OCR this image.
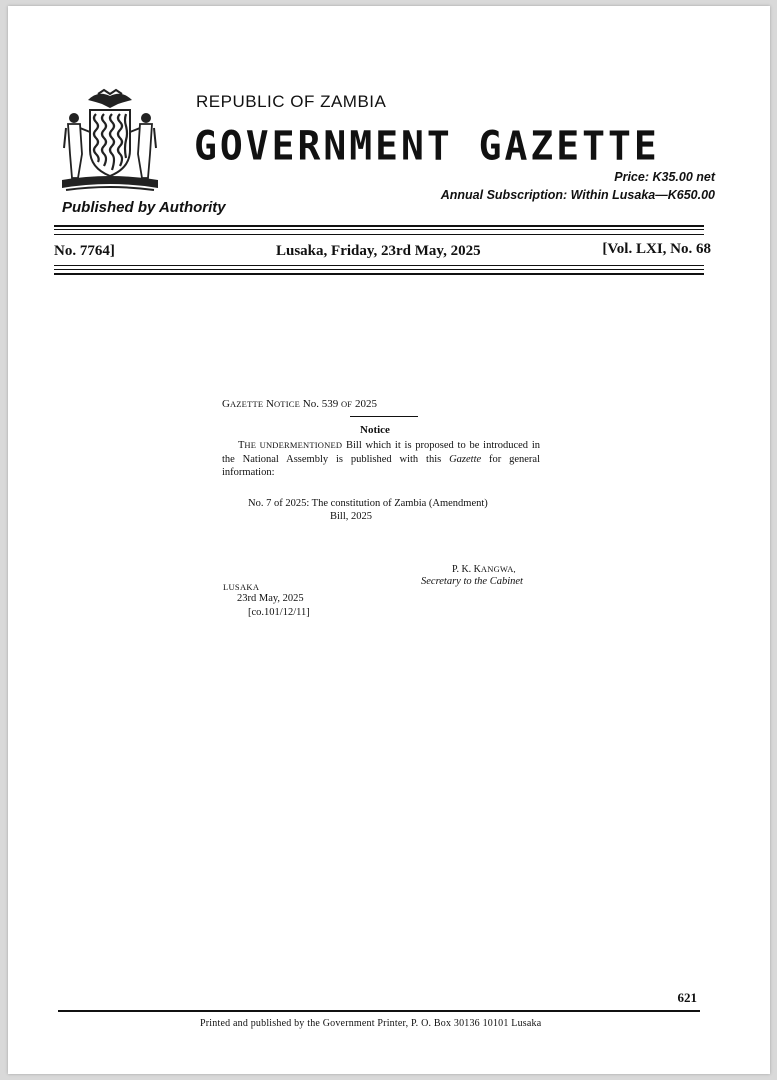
REPUBLIC OF ZAMBIA
GOVERNMENT GAZETTE
Price: K35.00 net
Annual Subscription: Within Lusaka—K650.00
Published by Authority
No. 7764]	Lusaka, Friday, 23rd May, 2025	[Vol. LXI, No. 68
GAZETTE NOTICE No. 539 OF 2025
Notice
THE UNDERMENTIONED Bill which it is proposed to be introduced in the National Assembly is published with this Gazette for general information:
No. 7 of 2025: The constitution of Zambia (Amendment)
Bill, 2025
P. K. KANGWA,
Secretary to the Cabinet
LUSAKA
23rd May, 2025
[co.101/12/11]
621
Printed and published by the Government Printer, P. O. Box 30136 10101 Lusaka
